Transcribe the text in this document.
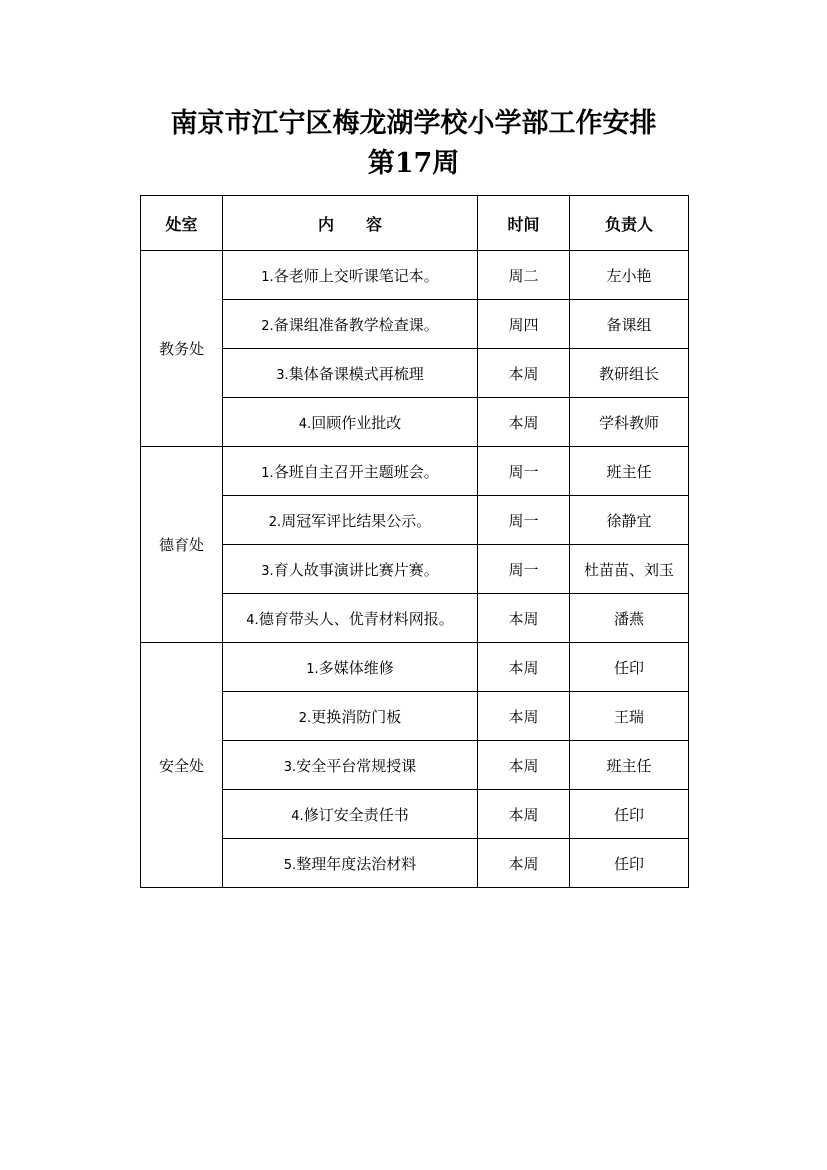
南京市江宁区梅龙湖学校小学部工作安排
第17周
处室	内　　容	时间	负责人
教务处	1.各老师上交听课笔记本。	周二	左小艳
	2.备课组准备教学检查课。	周四	备课组
	3.集体备课模式再梳理	本周	教研组长
	4.回顾作业批改	本周	学科教师
德育处	1.各班自主召开主题班会。	周一	班主任
	2.周冠军评比结果公示。	周一	徐静宜
	3.育人故事演讲比赛片赛。	周一	杜苗苗、刘玉
	4.德育带头人、优青材料网报。	本周	潘燕
安全处	1.多媒体维修	本周	任印
	2.更换消防门板	本周	王瑞
	3.安全平台常规授课	本周	班主任
	4.修订安全责任书	本周	任印
	5.整理年度法治材料	本周	任印
